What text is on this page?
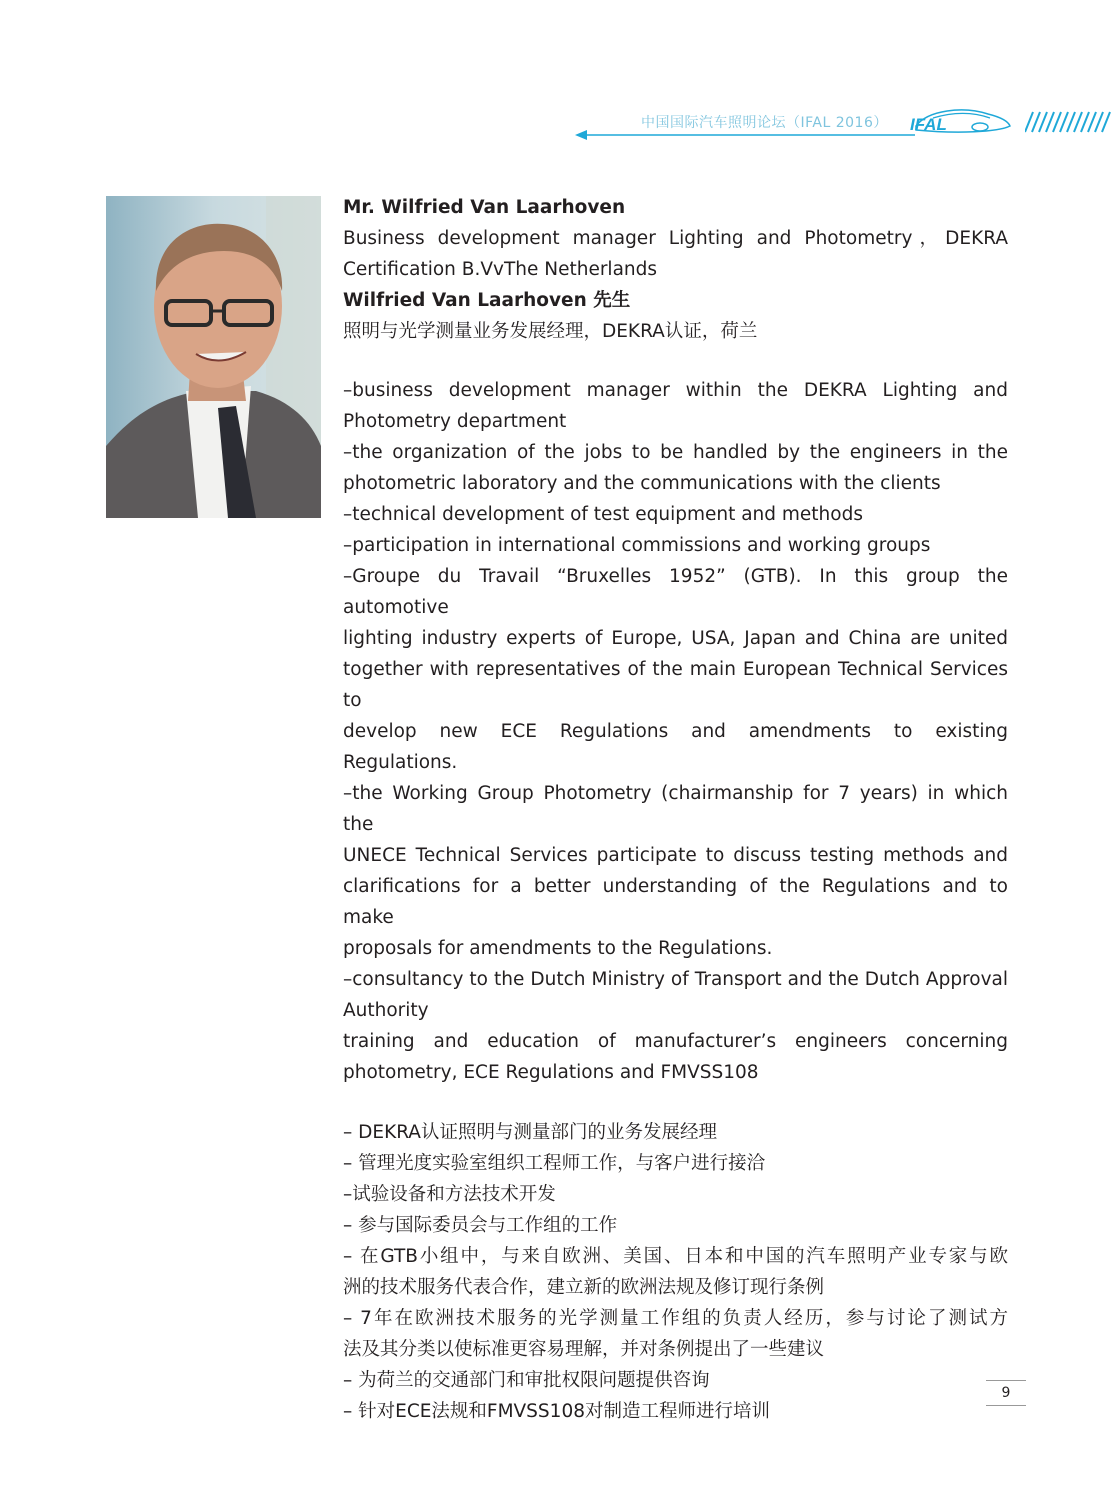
中国国际汽车照明论坛（IFAL 2016） IFAL
Mr. Wilfried Van Laarhoven
Business development manager Lighting and Photometry，DEKRA
Certification B.VvThe Netherlands
Wilfried Van Laarhoven 先生
照明与光学测量业务发展经理，DEKRA认证，荷兰
–business development manager within the DEKRA Lighting and
Photometry department
–the organization of the jobs to be handled by the engineers in the
photometric laboratory and the communications with the clients
–technical development of test equipment and methods
–participation in international commissions and working groups
–Groupe du Travail “Bruxelles 1952” (GTB). In this group the automotive
lighting industry experts of Europe, USA, Japan and China are united
together with representatives of the main European Technical Services to
develop new ECE Regulations and amendments to existing Regulations.
–the Working Group Photometry (chairmanship for 7 years) in which the
UNECE Technical Services participate to discuss testing methods and
clarifications for a better understanding of the Regulations and to make
proposals for amendments to the Regulations.
–consultancy to the Dutch Ministry of Transport and the Dutch Approval
Authority
training and education of manufacturer’s engineers concerning
photometry, ECE Regulations and FMVSS108
– DEKRA认证照明与测量部门的业务发展经理
– 管理光度实验室组织工程师工作，与客户进行接洽
–试验设备和方法技术开发
– 参与国际委员会与工作组的工作
– 在GTB小组中，与来自欧洲、美国、日本和中国的汽车照明产业专家与欧
洲的技术服务代表合作，建立新的欧洲法规及修订现行条例
– 7年在欧洲技术服务的光学测量工作组的负责人经历，参与讨论了测试方
法及其分类以使标准更容易理解，并对条例提出了一些建议
– 为荷兰的交通部门和审批权限问题提供咨询
– 针对ECE法规和FMVSS108对制造工程师进行培训
9
